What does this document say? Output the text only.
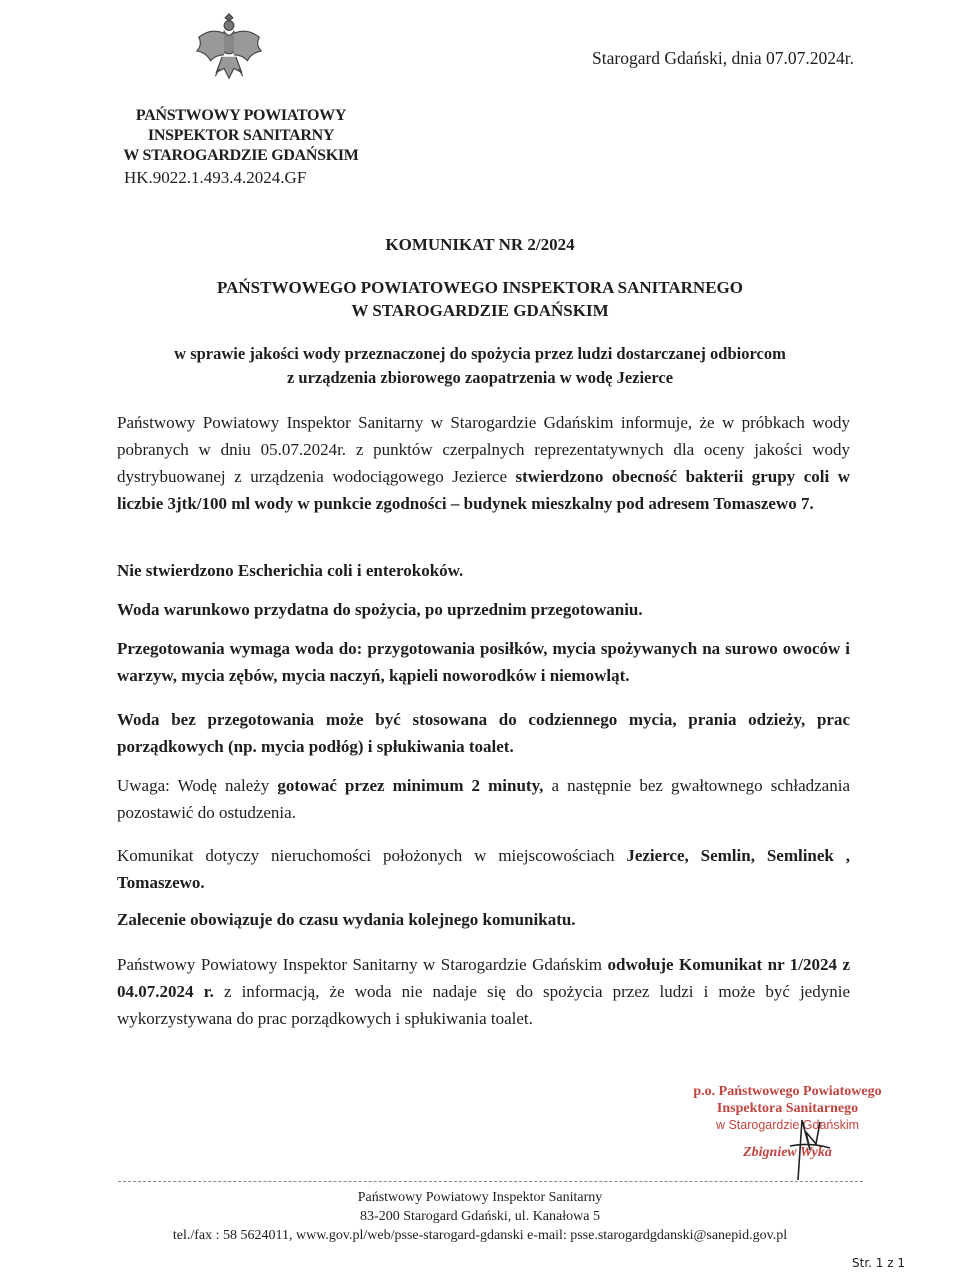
Starogard Gdański, dnia 07.07.2024r.
PAŃSTWOWY POWIATOWY
INSPEKTOR SANITARNY
W STAROGARDZIE GDAŃSKIM
HK.9022.1.493.4.2024.GF
KOMUNIKAT NR 2/2024
PAŃSTWOWEGO POWIATOWEGO INSPEKTORA SANITARNEGO
W STAROGARDZIE GDAŃSKIM
w sprawie jakości wody przeznaczonej do spożycia przez ludzi dostarczanej odbiorcom
z urządzenia zbiorowego zaopatrzenia w wodę Jezierce
Państwowy Powiatowy Inspektor Sanitarny w Starogardzie Gdańskim informuje, że w próbkach wody pobranych w dniu 05.07.2024r. z punktów czerpalnych reprezentatywnych dla oceny jakości wody dystrybuowanej z urządzenia wodociągowego Jezierce stwierdzono obecność bakterii grupy coli w liczbie 3jtk/100 ml wody w punkcie zgodności – budynek mieszkalny pod adresem Tomaszewo 7.
Nie stwierdzono Escherichia coli i enterokoków.
Woda warunkowo przydatna do spożycia, po uprzednim przegotowaniu.
Przegotowania wymaga woda do: przygotowania posiłków, mycia spożywanych na surowo owoców i warzyw, mycia zębów, mycia naczyń, kąpieli noworodków i niemowląt.
Woda bez przegotowania może być stosowana do codziennego mycia, prania odzieży, prac porządkowych (np. mycia podłóg) i spłukiwania toalet.
Uwaga: Wodę należy gotować przez minimum 2 minuty, a następnie bez gwałtownego schładzania pozostawić do ostudzenia.
Komunikat dotyczy nieruchomości położonych w miejscowościach Jezierce, Semlin, Semlinek , Tomaszewo.
Zalecenie obowiązuje do czasu wydania kolejnego komunikatu.
Państwowy Powiatowy Inspektor Sanitarny w Starogardzie Gdańskim odwołuje Komunikat nr 1/2024 z 04.07.2024 r. z informacją, że woda nie nadaje się do spożycia przez ludzi i może być jedynie wykorzystywana do prac porządkowych i spłukiwania toalet.
p.o. Państwowego Powiatowego
Inspektora Sanitarnego
w Starogardzie Gdańskim
Zbigniew Wyka
Państwowy Powiatowy Inspektor Sanitarny
83-200 Starogard Gdański, ul. Kanałowa 5
tel./fax : 58 5624011, www.gov.pl/web/psse-starogard-gdanski e-mail: psse.starogardgdanski@sanepid.gov.pl
Str. 1 z 1
